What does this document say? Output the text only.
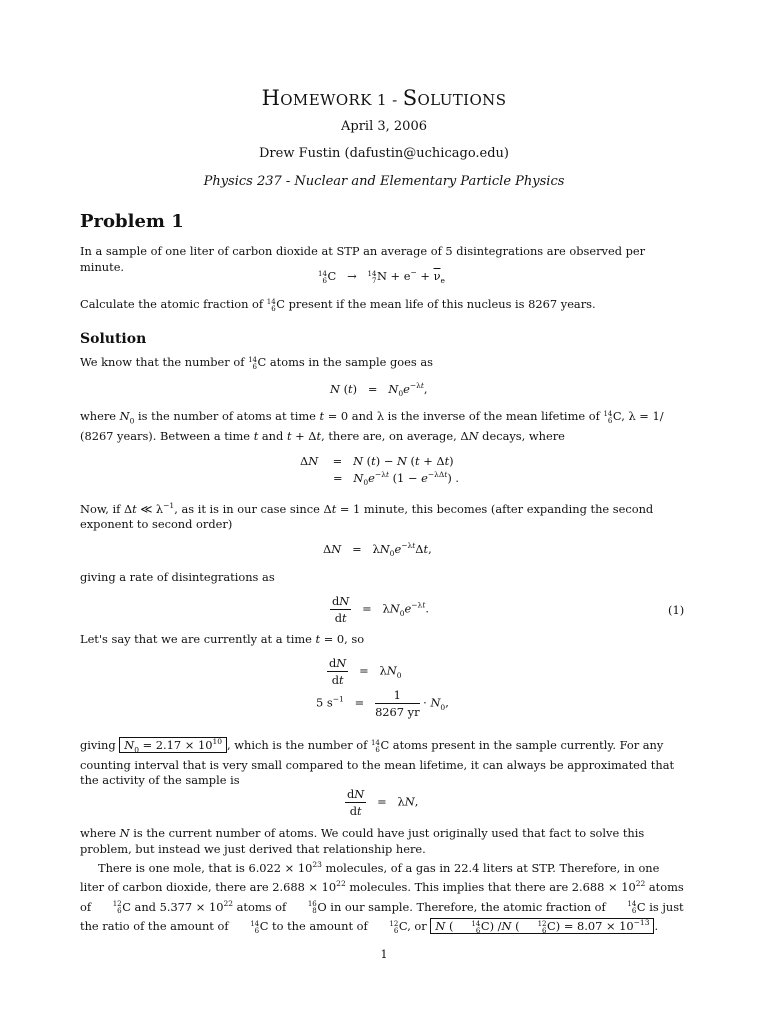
HOMEWORK 1 - SOLUTIONS
April 3, 2006
Drew Fustin (dafustin@uchicago.edu)
Physics 237 - Nuclear and Elementary Particle Physics
Problem 1

In a sample of one liter of carbon dioxide at STP an average of 5 disintegrations are observed per minute.

14
6 C   → 14
7 $N + e^- + \overline{\nu}_e$
Calculate the atomic fraction of 14
6 C present if the mean life of this nucleus is 8267 years.
Solution
We know that the number of 14
6 C atoms in the sample goes as
N $(t) = N_0e^{-\lambda t}$,
where $N_0$ is the number of atoms at time t = 0 and λ is the inverse of the mean lifetime of 14
6 C, λ = 1/ (8267 years). Between a time t and t + Δt, there are, on average, ΔN decays, where
ΔN    =   N (t) − N (t + Δt)
=   $N_0e^{-\lambda t}$ $(1 - e^{-\lambda\Delta t})$ .
Now, if Δt ≪ $\lambda^{-1}$, as it is in our case since Δt = 1 minute, this becomes (after expanding the second exponent to second order)
$\Delta N = \lambda N_0e^{-\lambda t}\Delta t$,
giving a rate of disintegrations as
$\frac{dN}{dt} = \lambda N_0e^{-\lambda t}$.	(1)
Let's say that we are currently at a time t = 0, so
$\frac{dN}{dt} = \lambda N_0$
5 $s^{-1} = \frac{1}{8267 yr} \cdot N_0$,
giving $N_0 = 2.17 \times 10^{10}$ , which is the number of 14
6 C atoms present in the sample currently. For any counting interval that is very small compared to the mean lifetime, it can always be approximated that the activity of the sample is
$\frac{dN}{dt} = \lambda N$,
where N is the current number of atoms. We could have just originally used that fact to solve this problem, but instead we just derived that relationship here.
There is one mole, that is $6.022 \times 10^{23}$ molecules, of a gas in 22.4 liters at STP. Therefore, in one liter of carbon dioxide, there are $2.688 \times 10^{22}$ molecules. This implies that there are $2.688 \times 10^{22}$ atoms of	12
6 C and $5.377 \times 10^{22}$ atoms of	16
8 O in our sample. Therefore, the atomic fraction of	14
6 C is just the ratio of the amount of	14
6 C to the amount of	12
6 C, or N (	14
6 C) /N (	12
6 $C) = 8.07 \times 10^{-13}$ .
1
